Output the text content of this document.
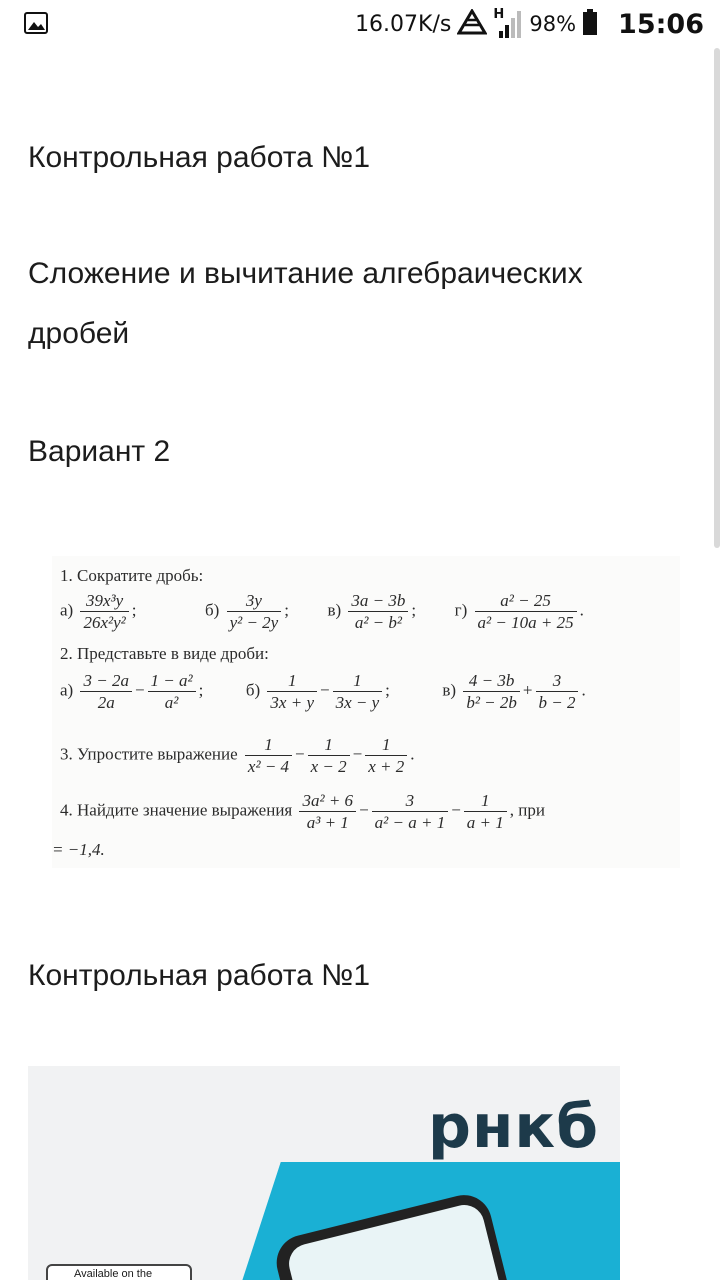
16.07K/s	H 98% 15:06
Контрольная работа №1
Сложение и вычитание алгебраических дробей

Вариант 2

1. Сократите дробь:
$а) \frac{\text{39x³y}}{\text{26x²y²}}$ ;	$б) \frac{3y}{\text{y² − 2y}}$ ;  $в) \frac{3a - 3b}{\text{a² − b²}}$ ;  $г) \frac{\text{a² − 25}}{\text{a² − 10a + 25}}$ .
2. Представьте в виде дроби:
$а) \frac{3 - 2a}{2a} - \frac{\text{1 − a²}}{\text{a²}}$ ;  $б) \frac{1}{3x + y} - \frac{1}{3x - y}$ ;	$в) \frac{4 - 3b}{\text{b² − 2b}} + \frac{3}{b - 2}$ .
3. Упростите выражение $\frac{1}{\text{x² − 4}} - \frac{1}{x - 2} - \frac{1}{x + 2}$ .
4. Найдите значение выражения $\frac{\text{3a² + 6}}{\text{a³ + 1}} - \frac{3}{\text{a² − a + 1}} - \frac{1}{a + 1}$ , при
= −1,4.
Контрольная работа №1
рнкб
Available on the
